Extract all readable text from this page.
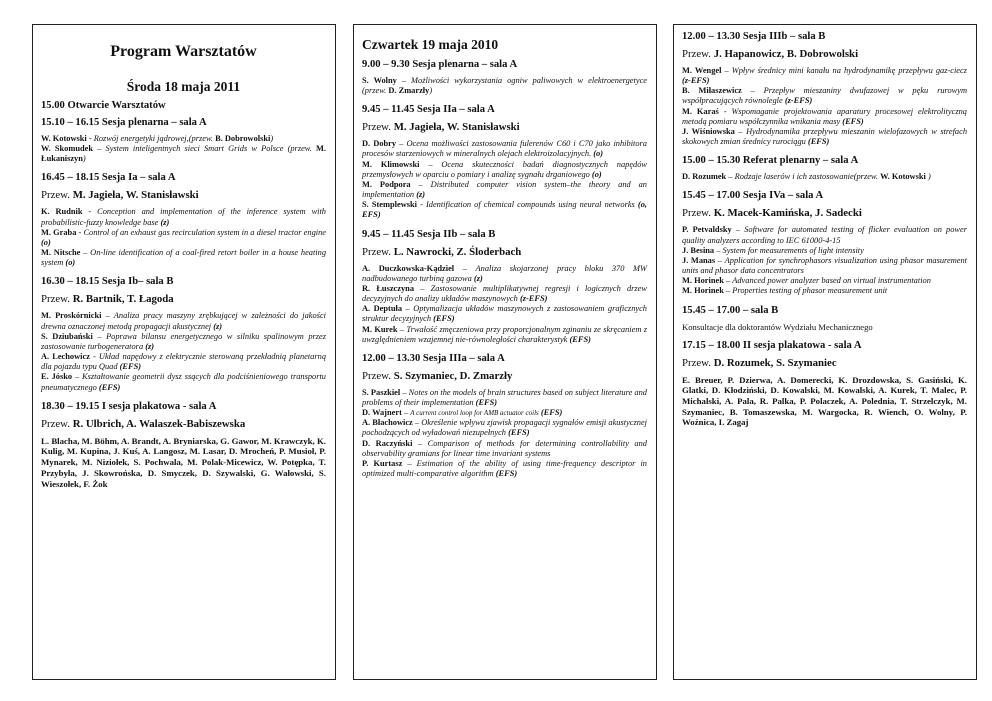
Program Warsztatów
Środa 18 maja 2011
15.00 Otwarcie Warsztatów
15.10 – 16.15 Sesja plenarna – sala A

W. Kotowski - Rozwój energetyki jądrowej,(przew. B. Dobrowolski)

W. Skomudek – System inteligentnych sieci Smart Grids w Polsce (przew. M. Łukaniszyn)

16.45 – 18.15 Sesja Ia – sala A
Przew. M. Jagieła, W. Stanisławski

K. Rudnik - Conception and implementation of the inference system with probabilistic-fuzzy knowledge base (z)

M. Graba - Control of an exhaust gas recirculation system in a diesel tractor engine (o)

M. Nitsche – On-line identification of a coal-fired retort boiler in a house heating system (o)

16.30 – 18.15 Sesja Ib– sala B
Przew. R. Bartnik, T. Łagoda

M. Proskórnicki – Analiza pracy maszyny zrębkującej w zależności do jakości drewna oznaczonej metodą propagacji akustycznej (z)

S. Dziubański – Poprawa bilansu energetycznego w silniku spalinowym przez zastosowanie turbogeneratora (z)

A. Lechowicz - Układ napędowy z elektrycznie sterowaną przekładnią planetarną dla pojazdu typu Quad (EFS)

E. Jósko – Kształtowanie geometrii dysz ssących dla podciśnieniowego transportu pneumatycznego (EFS)

18.30 – 19.15 I sesja plakatowa - sala A
Przew. R. Ulbrich, A. Walaszek-Babiszewska
L. Blacha, M. Böhm, A. Brandt, A. Bryniarska, G. Gawor, M. Krawczyk, K. Kulig, M. Kupina, J. Kuś, A. Langosz, M. Lasar, D. Mrocheń, P. Musioł, P. Mynarek, M. Niziołek, S. Pochwala, M. Polak-Micewicz, W. Potępka, T. Przybyła, J. Skowrońska, D. Smyczek, D. Szywalski, G. Wałowski, S. Wieszołek, F. Żok
Czwartek 19 maja 2010
9.00 – 9.30 Sesja plenarna – sala A

S. Wolny – Możliwości wykorzystania ogniw paliwowych w elektroenergetyce (przew. D. Zmarzły)

9.45 – 11.45 Sesja IIa – sala A
Przew. M. Jagieła, W. Stanisławski

D. Dobry – Ocena możliwości zastosowania fulerenów C60 i C70 jako inhibitora procesów starzeniowych w mineralnych olejach elektroizolacyjnych. (o)

M. Klimowski – Ocena skuteczności badań diagnostycznych napędów przemysłowych w oparciu o pomiary i analizę sygnału drganiowego (o)

M. Podpora – Distributed computer vision system–the theory and an implementation (z)

S. Stemplewski - Identification of chemical compounds using neural networks (o, EFS)

9.45 – 11.45 Sesja IIb – sala B
Przew. L. Nawrocki, Z. Śloderbach

A. Duczkowska-Kądziel – Analiza skojarzonej pracy bloku 370 MW nadbudowanego turbiną gazowa (z)

R. Łuszczyna – Zastosowanie multiplikatywnej regresji i logicznych drzew decyzyjnych do analizy układów maszynowych (z-EFS)

A. Deptuła – Optymalizacja układów maszynowych z zastosowaniem graficznych struktur decyzyjnych (EFS)

M. Kurek – Trwałość zmęczeniowa przy proporcjonalnym zginaniu ze skręcaniem z uwzględnieniem wzajemnej nie-równoległości charakterystyk (EFS)

12.00 – 13.30 Sesja IIIa – sala A
Przew. S. Szymaniec, D. Zmarzły

S. Paszkiel – Notes on the models of brain structures based on subject literature and problems of their implementation (EFS)

D. Wajnert – A current control loop for AMB actuator coils (EFS)

A. Błachowicz – Określenie wpływu zjawisk propagacji sygnałów emisji akustycznej pochodzących od wyładowań niezupełnych (EFS)

D. Raczyński – Comparison of methods for determining controllability and observability gramians for linear time invariant systems

P. Kurtasz – Estimation of the ability of using time-frequency descriptor in optimized multi-comparative algorithm (EFS)

12.00 – 13.30 Sesja IIIb – sala B
Przew. J. Hapanowicz, B. Dobrowolski

M. Wengel – Wpływ średnicy mini kanału na hydrodynamikę przepływu gaz-ciecz (z-EFS)

B. Miłaszewicz – Przepływ mieszaniny dwufazowej w pęku rurowym współpracujących równolegle (z-EFS)

M. Karaś - Wspomaganie projektowania aparatury procesowej elektrolityczną metodą pomiaru współczynnika wnikania masy (EFS)

J. Wiśniowska – Hydrodynamika przepływu mieszanin wielofazowych w strefach skokowych zmian średnicy rurociągu (EFS)

15.00 – 15.30 Referat plenarny – sala A

D. Rozumek – Rodzaje laserów i ich zastosowanie(przew. W. Kotowski )

15.45 – 17.00 Sesja IVa – sala A
Przew. K. Macek-Kamińska, J. Sadecki

P. Petvaldsky – Software for automated testing of flicker evaluation on power quality analyzers according to IEC 61000-4-15

J. Besina – System for measurements of light intensity

J. Manas – Application for synchrophasors visualization using phasor masurement units and phasor data concentrators

M. Horinek – Advanced power analyzer based on virtual instrumentation

M. Horinek – Properties testing of phasor measurement unit

15.45 – 17.00 – sala B
Konsultacje dla doktorantów Wydziału Mechanicznego
17.15 – 18.00 II sesja plakatowa - sala A
Przew. D. Rozumek, S. Szymaniec
E. Breuer, P. Dzierwa, A. Domerecki, K. Drozdowska, S. Gasiński, K. Glatki, D. Kłodziński, D. Kowalski, M. Kowalski, A. Kurek, T. Malec, P. Michalski, A. Pala, R. Palka, P. Polaczek, A. Polednia, T. Strzelczyk, M. Szymaniec, B. Tomaszewska, M. Wargocka, R. Wiench, O. Wolny, P. Woźnica, I. Zagaj
